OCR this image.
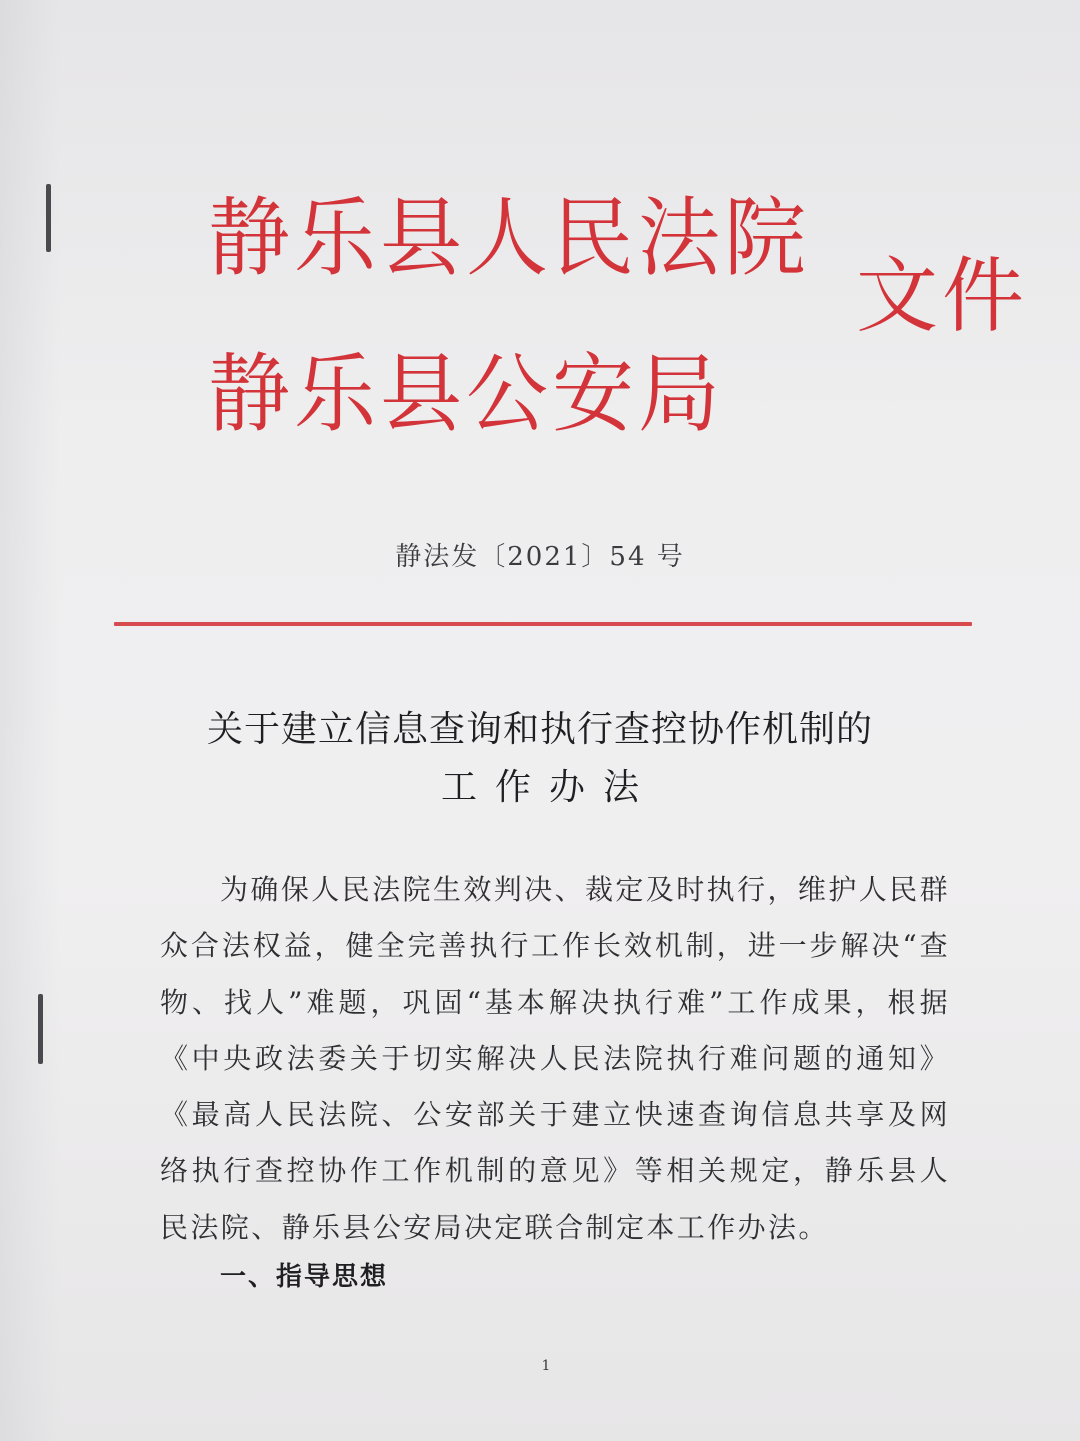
静乐县人民法院
静乐县公安局
文件
静法发〔2021〕54 号
关于建立信息查询和执行查控协作机制的
工作办法

为确保人民法院生效判决、裁定及时执行，维护人民群众合法权益，健全完善执行工作长效机制，进一步解决“查物、找人”难题，巩固“基本解决执行难”工作成果，根据《中央政法委关于切实解决人民法院执行难问题的通知》《最高人民法院、公安部关于建立快速查询信息共享及网络执行查控协作工作机制的意见》等相关规定，静乐县人民法院、静乐县公安局决定联合制定本工作办法。

一、指导思想
1
